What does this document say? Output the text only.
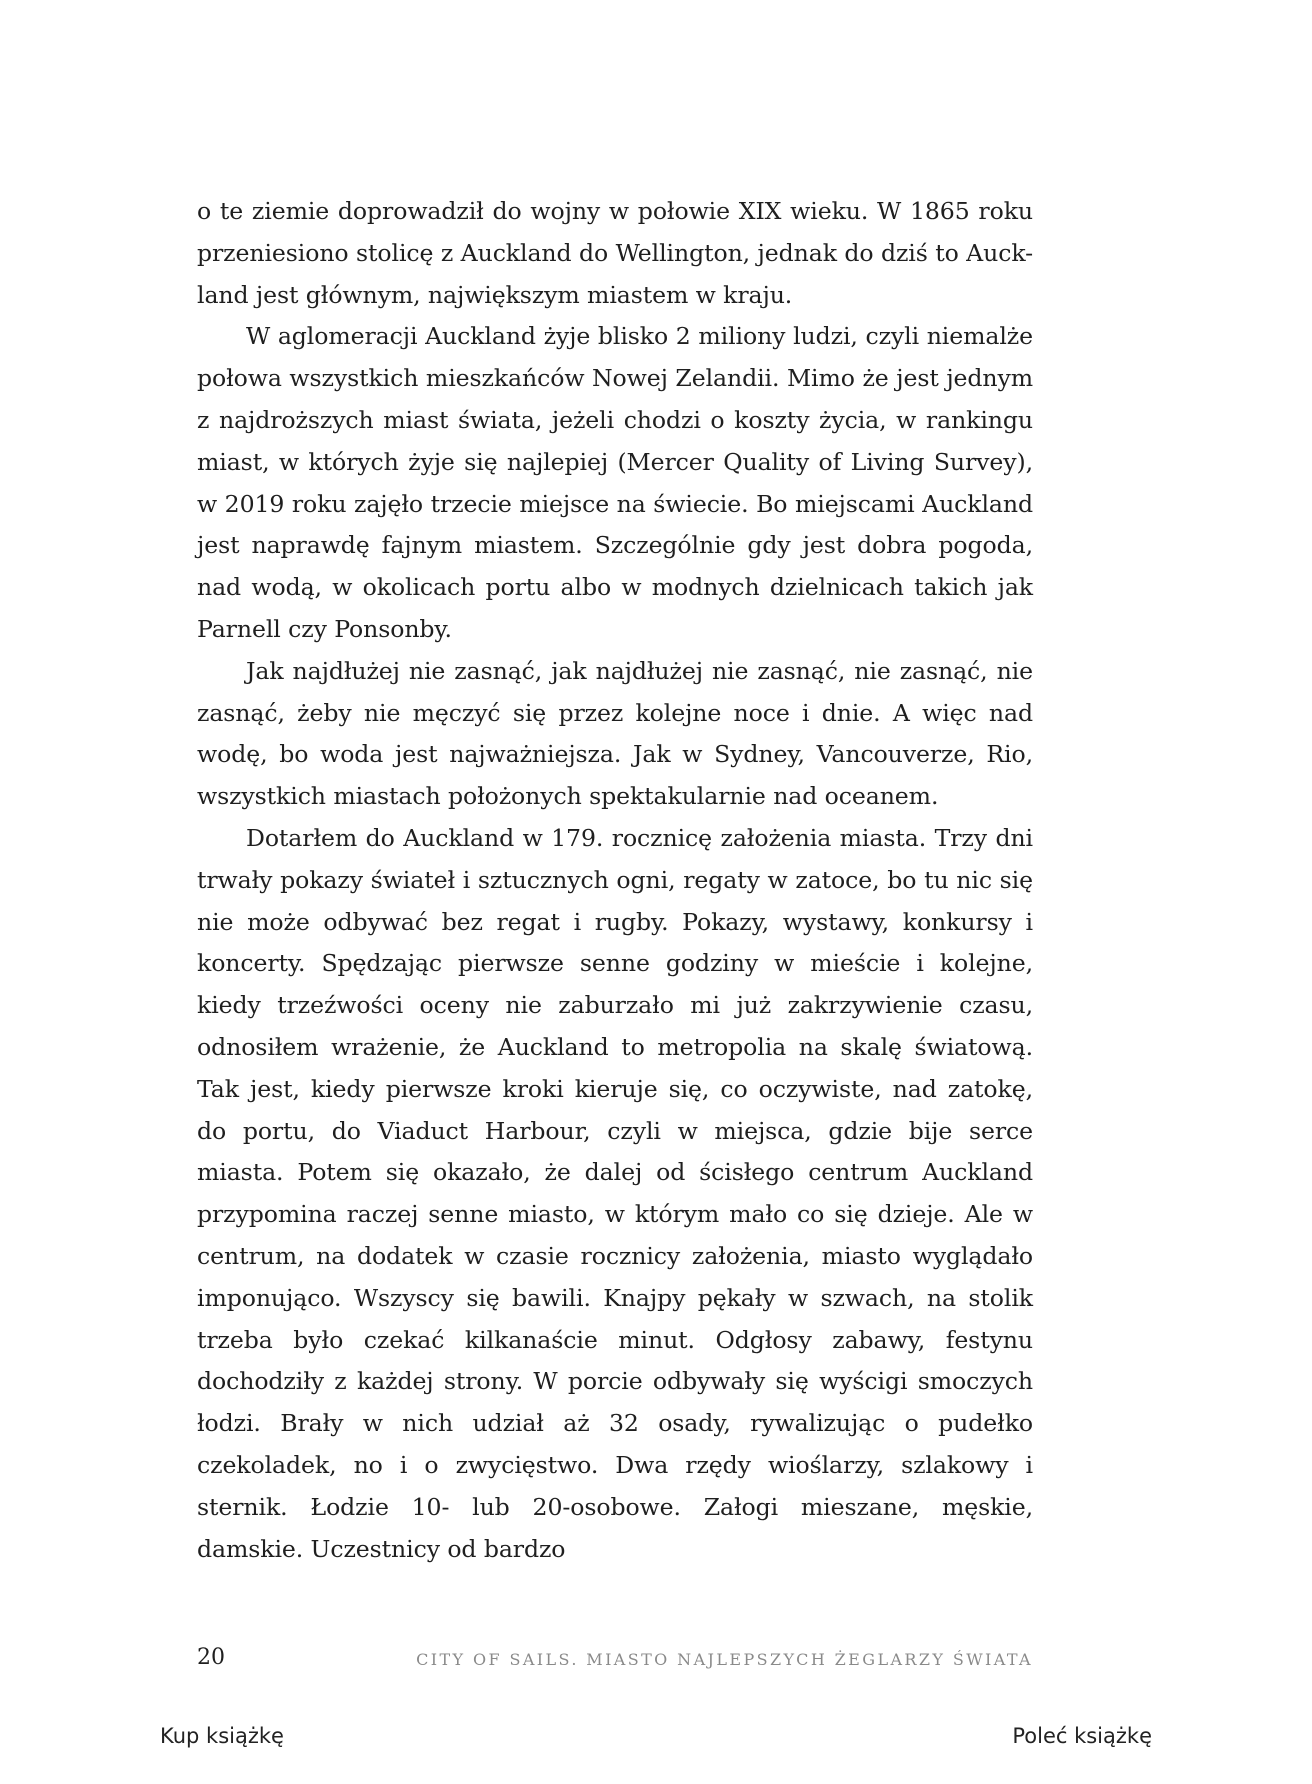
o te ziemie doprowadził do wojny w połowie XIX wieku. W 1865 roku przeniesiono stolicę z Auckland do Wellington, jednak do dziś to Auck- land jest głównym, największym miastem w kraju.

W aglomeracji Auckland żyje blisko 2 miliony ludzi, czyli niemalże połowa wszystkich mieszkańców Nowej Zelandii. Mimo że jest jednym z najdroższych miast świata, jeżeli chodzi o koszty życia, w rankingu miast, w których żyje się najlepiej (Mercer Quality of Living Survey), w 2019 roku zajęło trzecie miejsce na świecie. Bo miejscami Auckland jest naprawdę fajnym miastem. Szczególnie gdy jest dobra pogoda, nad wodą, w okolicach portu albo w modnych dzielnicach takich jak Parnell czy Ponsonby.

Jak najdłużej nie zasnąć, jak najdłużej nie zasnąć, nie zasnąć, nie zasnąć, żeby nie męczyć się przez kolejne noce i dnie. A więc nad wodę, bo woda jest najważniejsza. Jak w Sydney, Vancouverze, Rio, wszystkich miastach położonych spektakularnie nad oceanem.

Dotarłem do Auckland w 179. rocznicę założenia miasta. Trzy dni trwały pokazy świateł i sztucznych ogni, regaty w zatoce, bo tu nic się nie może odbywać bez regat i rugby. Pokazy, wystawy, konkursy i koncerty. Spędzając pierwsze senne godziny w mieście i kolejne, kiedy trzeźwości oceny nie zaburzało mi już zakrzywienie czasu, odnosiłem wrażenie, że Auckland to metropolia na skalę światową. Tak jest, kiedy pierwsze kroki kieruje się, co oczywiste, nad zatokę, do portu, do Viaduct Harbour, czyli w miejsca, gdzie bije serce miasta. Potem się okazało, że dalej od ścisłego centrum Auckland przypomina raczej senne miasto, w którym mało co się dzieje. Ale w centrum, na dodatek w czasie rocznicy założenia, miasto wyglądało imponująco. Wszyscy się bawili. Knajpy pękały w szwach, na stolik trzeba było czekać kilkanaście minut. Odgłosy zabawy, festynu dochodziły z każdej strony. W porcie odbywały się wyścigi smoczych łodzi. Brały w nich udział aż 32 osady, rywalizując o pudełko czekoladek, no i o zwycięstwo. Dwa rzędy wioślarzy, szlakowy i sternik. Łodzie 10- lub 20-osobowe. Załogi mieszane, męskie, damskie. Uczestnicy od bardzo

20	CITY OF SAILS. MIASTO NAJLEPSZYCH ŻEGLARZY ŚWIATA
Kup książkę	Poleć książkę
